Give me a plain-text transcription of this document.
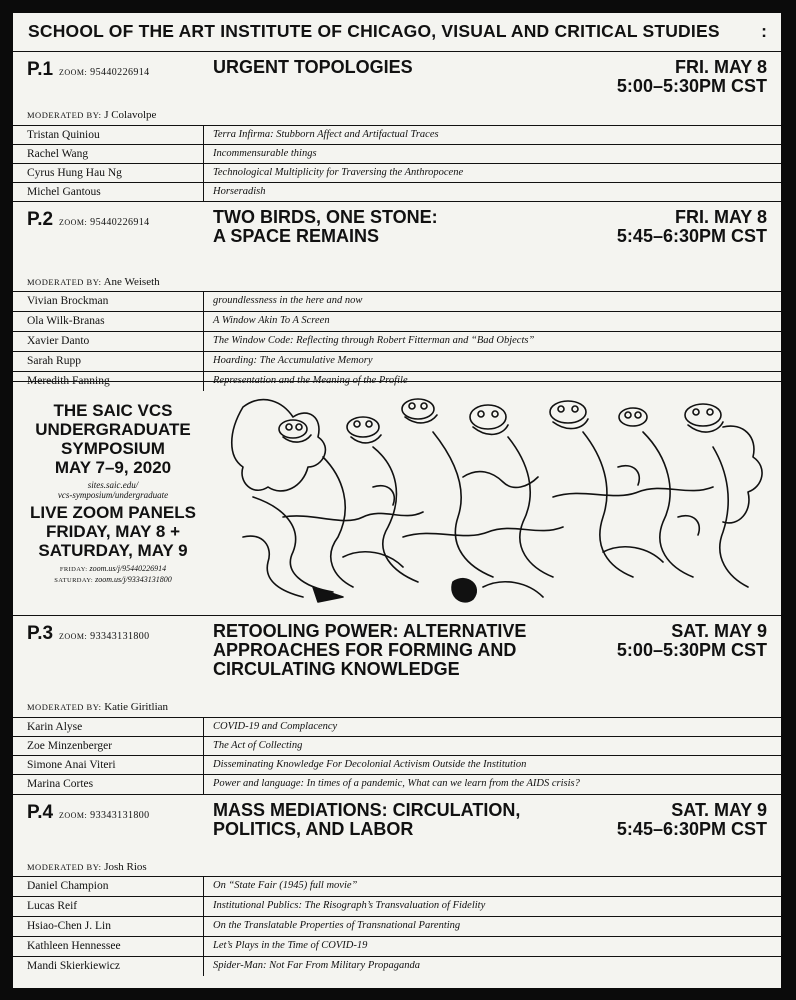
SCHOOL OF THE ART INSTITUTE OF CHICAGO, VISUAL AND CRITICAL STUDIES :
P.1 ZOOM: 95440226914	URGENT TOPOLOGIES	FRI. MAY 8
5:00–5:30PM CST
MODERATED BY: J Colavolpe
Tristan Quiniou	Terra Infirma: Stubborn Affect and Artifactual Traces
Rachel Wang	Incommensurable things
Cyrus Hung Hau Ng	Technological Multiplicity for Traversing the Anthropocene
Michel Gantous	Horseradish
P.2 ZOOM: 95440226914	TWO BIRDS, ONE STONE:
A SPACE REMAINS
FRI. MAY 8
5:45–6:30PM CST
MODERATED BY: Ane Weiseth
Vivian Brockman	groundlessness in the here and now
Ola Wilk-Branas	A Window Akin To A Screen
Xavier Danto	The Window Code: Reflecting through Robert Fitterman and “Bad Objects”
Sarah Rupp	Hoarding: The Accumulative Memory
Meredith Fanning	Representation and the Meaning of the Profile
THE SAIC VCS
UNDERGRADUATE
SYMPOSIUM
MAY 7–9, 2020
sites.saic.edu/
vcs-symposium/undergraduate
LIVE ZOOM PANELS
FRIDAY, MAY 8 +
SATURDAY, MAY 9
FRIDAY: zoom.us/j/95440226914
SATURDAY: zoom.us/j/93343131800
P.3 ZOOM: 93343131800	RETOOLING POWER: ALTERNATIVE
APPROACHES FOR FORMING AND
CIRCULATING KNOWLEDGE
SAT. MAY 9
5:00–5:30PM CST
MODERATED BY: Katie Giritlian
Karin Alyse	COVID-19 and Complacency
Zoe Minzenberger	The Act of Collecting
Simone Anai Viteri	Disseminating Knowledge For Decolonial Activism Outside the Institution
Marina Cortes	Power and language: In times of a pandemic, What can we learn from the AIDS crisis?
P.4 ZOOM: 93343131800	MASS MEDIATIONS: CIRCULATION,
POLITICS, AND LABOR
SAT. MAY 9
5:45–6:30PM CST
MODERATED BY: Josh Rios
Daniel Champion	On “State Fair (1945) full movie”
Lucas Reif	Institutional Publics: The Risograph’s Transvaluation of Fidelity
Hsiao-Chen J. Lin	On the Translatable Properties of Transnational Parenting
Kathleen Hennessee	Let’s Plays in the Time of COVID-19
Mandi Skierkiewicz	Spider-Man: Not Far From Military Propaganda
